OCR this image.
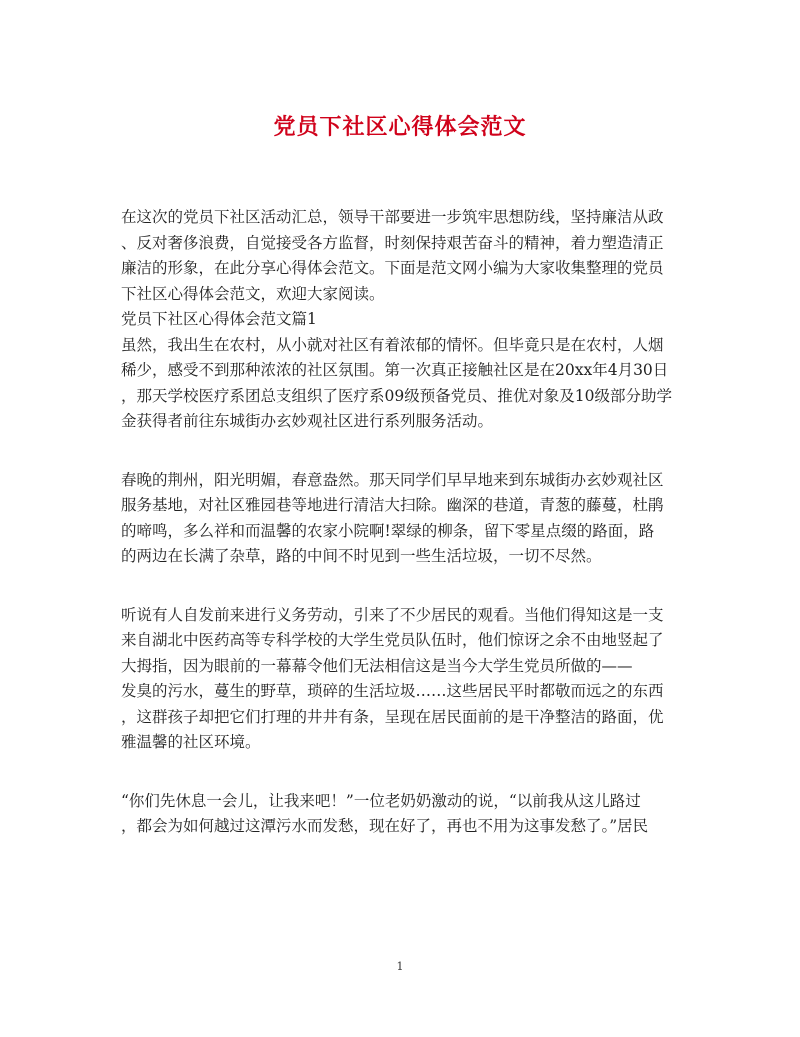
党员下社区心得体会范文
在这次的党员下社区活动汇总，领导干部要进一步筑牢思想防线，坚持廉洁从政
、反对奢侈浪费，自觉接受各方监督，时刻保持艰苦奋斗的精神，着力塑造清正
廉洁的形象，在此分享心得体会范文。下面是范文网小编为大家收集整理的党员
下社区心得体会范文，欢迎大家阅读。
党员下社区心得体会范文篇1
虽然，我出生在农村，从小就对社区有着浓郁的情怀。但毕竟只是在农村，人烟
稀少，感受不到那种浓浓的社区氛围。第一次真正接触社区是在20xx年4月30日
，那天学校医疗系团总支组织了医疗系09级预备党员、推优对象及10级部分助学
金获得者前往东城街办玄妙观社区进行系列服务活动。
春晚的荆州，阳光明媚，春意盎然。那天同学们早早地来到东城街办玄妙观社区
服务基地，对社区雅园巷等地进行清洁大扫除。幽深的巷道，青葱的藤蔓，杜鹃
的啼鸣，多么祥和而温馨的农家小院啊!翠绿的柳条，留下零星点缀的路面，路
的两边在长满了杂草，路的中间不时见到一些生活垃圾，一切不尽然。
听说有人自发前来进行义务劳动，引来了不少居民的观看。当他们得知这是一支
来自湖北中医药高等专科学校的大学生党员队伍时，他们惊讶之余不由地竖起了
大拇指，因为眼前的一幕幕令他们无法相信这是当今大学生党员所做的——
发臭的污水，蔓生的野草，琐碎的生活垃圾……这些居民平时都敬而远之的东西
，这群孩子却把它们打理的井井有条，呈现在居民面前的是干净整洁的路面，优
雅温馨的社区环境。
“你们先休息一会儿，让我来吧！”一位老奶奶激动的说，“以前我从这儿路过
，都会为如何越过这潭污水而发愁，现在好了，再也不用为这事发愁了。”居民
1
